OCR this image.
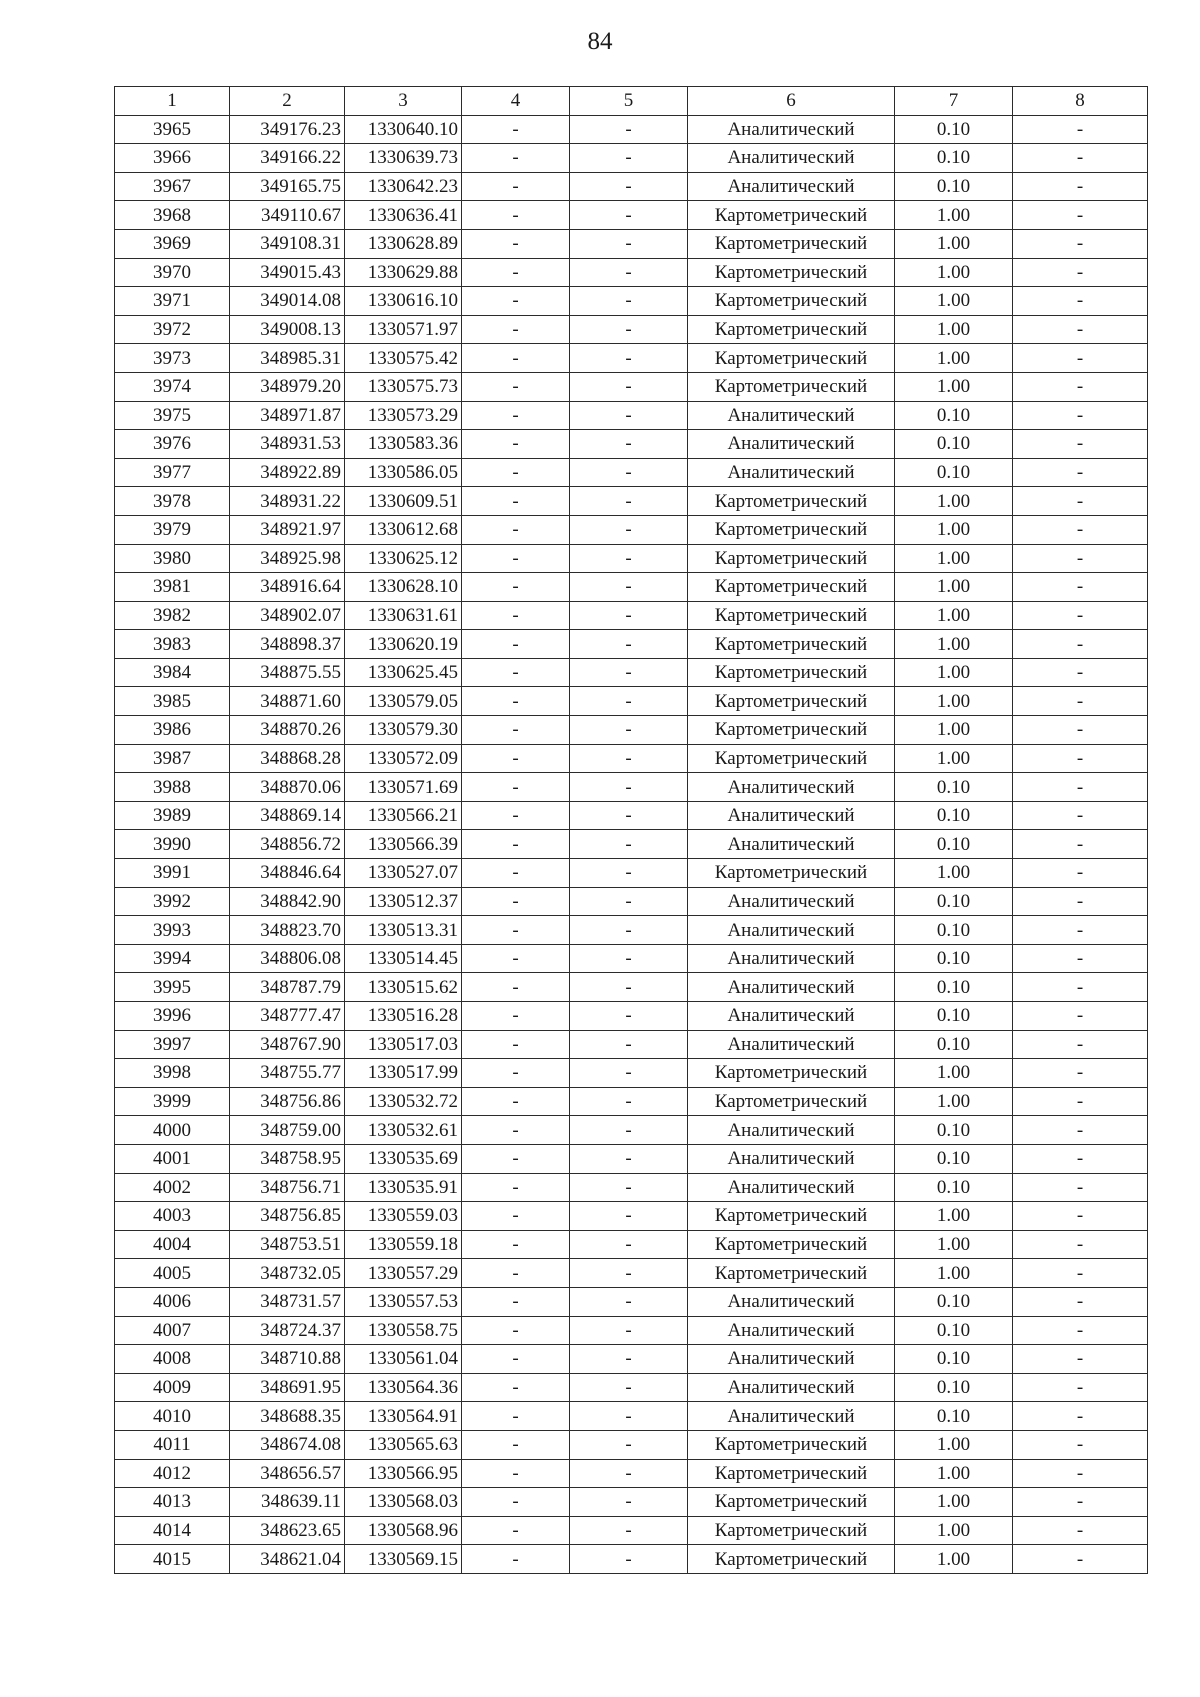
84
1	2	3	4	5	6	7	8
3965	349176.23	1330640.10	-	-	Аналитический	0.10	-
3966	349166.22	1330639.73	-	-	Аналитический	0.10	-
3967	349165.75	1330642.23	-	-	Аналитический	0.10	-
3968	349110.67	1330636.41	-	-	Картометрический	1.00	-
3969	349108.31	1330628.89	-	-	Картометрический	1.00	-
3970	349015.43	1330629.88	-	-	Картометрический	1.00	-
3971	349014.08	1330616.10	-	-	Картометрический	1.00	-
3972	349008.13	1330571.97	-	-	Картометрический	1.00	-
3973	348985.31	1330575.42	-	-	Картометрический	1.00	-
3974	348979.20	1330575.73	-	-	Картометрический	1.00	-
3975	348971.87	1330573.29	-	-	Аналитический	0.10	-
3976	348931.53	1330583.36	-	-	Аналитический	0.10	-
3977	348922.89	1330586.05	-	-	Аналитический	0.10	-
3978	348931.22	1330609.51	-	-	Картометрический	1.00	-
3979	348921.97	1330612.68	-	-	Картометрический	1.00	-
3980	348925.98	1330625.12	-	-	Картометрический	1.00	-
3981	348916.64	1330628.10	-	-	Картометрический	1.00	-
3982	348902.07	1330631.61	-	-	Картометрический	1.00	-
3983	348898.37	1330620.19	-	-	Картометрический	1.00	-
3984	348875.55	1330625.45	-	-	Картометрический	1.00	-
3985	348871.60	1330579.05	-	-	Картометрический	1.00	-
3986	348870.26	1330579.30	-	-	Картометрический	1.00	-
3987	348868.28	1330572.09	-	-	Картометрический	1.00	-
3988	348870.06	1330571.69	-	-	Аналитический	0.10	-
3989	348869.14	1330566.21	-	-	Аналитический	0.10	-
3990	348856.72	1330566.39	-	-	Аналитический	0.10	-
3991	348846.64	1330527.07	-	-	Картометрический	1.00	-
3992	348842.90	1330512.37	-	-	Аналитический	0.10	-
3993	348823.70	1330513.31	-	-	Аналитический	0.10	-
3994	348806.08	1330514.45	-	-	Аналитический	0.10	-
3995	348787.79	1330515.62	-	-	Аналитический	0.10	-
3996	348777.47	1330516.28	-	-	Аналитический	0.10	-
3997	348767.90	1330517.03	-	-	Аналитический	0.10	-
3998	348755.77	1330517.99	-	-	Картометрический	1.00	-
3999	348756.86	1330532.72	-	-	Картометрический	1.00	-
4000	348759.00	1330532.61	-	-	Аналитический	0.10	-
4001	348758.95	1330535.69	-	-	Аналитический	0.10	-
4002	348756.71	1330535.91	-	-	Аналитический	0.10	-
4003	348756.85	1330559.03	-	-	Картометрический	1.00	-
4004	348753.51	1330559.18	-	-	Картометрический	1.00	-
4005	348732.05	1330557.29	-	-	Картометрический	1.00	-
4006	348731.57	1330557.53	-	-	Аналитический	0.10	-
4007	348724.37	1330558.75	-	-	Аналитический	0.10	-
4008	348710.88	1330561.04	-	-	Аналитический	0.10	-
4009	348691.95	1330564.36	-	-	Аналитический	0.10	-
4010	348688.35	1330564.91	-	-	Аналитический	0.10	-
4011	348674.08	1330565.63	-	-	Картометрический	1.00	-
4012	348656.57	1330566.95	-	-	Картометрический	1.00	-
4013	348639.11	1330568.03	-	-	Картометрический	1.00	-
4014	348623.65	1330568.96	-	-	Картометрический	1.00	-
4015	348621.04	1330569.15	-	-	Картометрический	1.00	-
